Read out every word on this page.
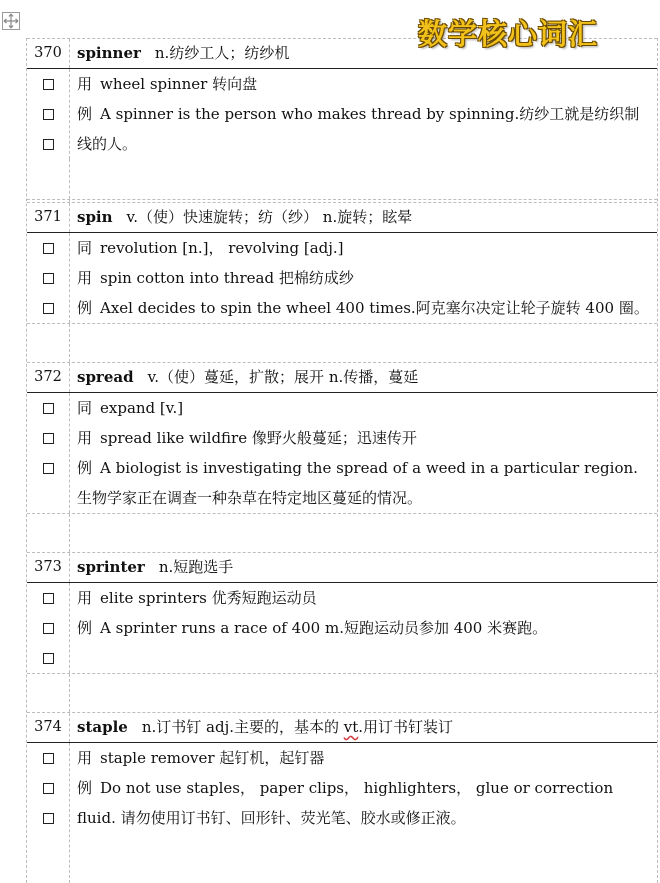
数学核心词汇
370	spinner n.纺纱工人；纺纱机
用 wheel spinner 转向盘
例 A spinner is the person who makes thread by spinning.纺纱工就是纺织制线的人。
371	spin v.（使）快速旋转；纺（纱） n.旋转；眩晕
同 revolution [n.]， revolving [adj.]
用 spin cotton into thread 把棉纺成纱
例 Axel decides to spin the wheel 400 times.阿克塞尔决定让轮子旋转 400 圈。
372	spread v.（使）蔓延，扩散；展开 n.传播，蔓延
同 expand [v.]
用 spread like wildfire 像野火般蔓延；迅速传开
例 A biologist is investigating the spread of a weed in a particular region.生物学家正在调查一种杂草在特定地区蔓延的情况。
373	sprinter n.短跑选手
用 elite sprinters 优秀短跑运动员
例 A sprinter runs a race of 400 m.短跑运动员参加 400 米赛跑。
374	staple n.订书钉 adj.主要的，基本的 vt.用订书钉装订
用 staple remover 起钉机，起钉器
例 Do not use staples， paper clips， highlighters， glue or correction fluid. 请勿使用订书钉、回形针、荧光笔、胶水或修正液。
